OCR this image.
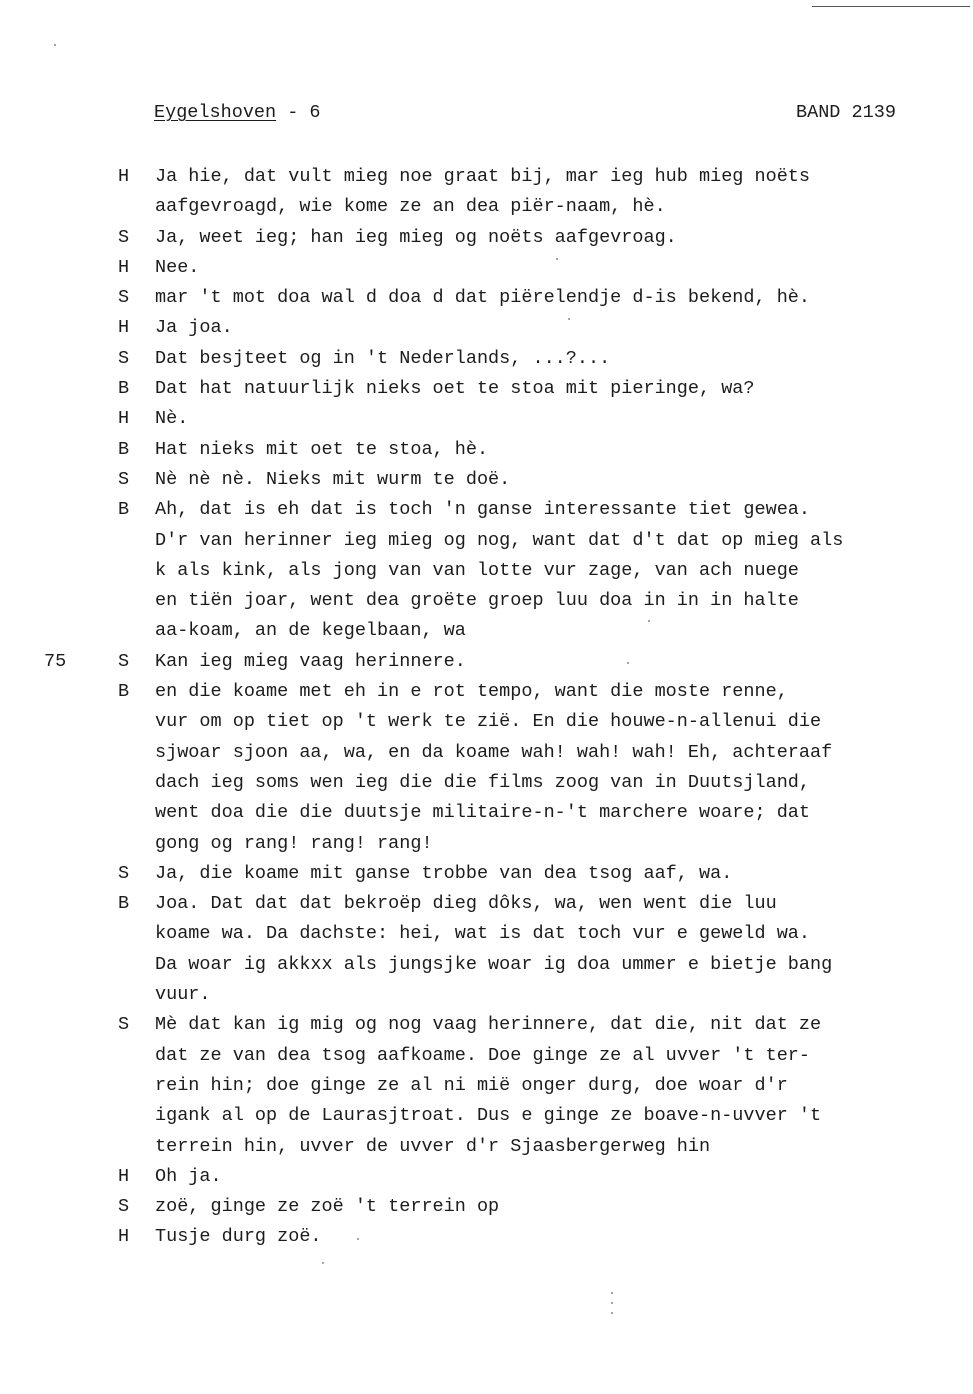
Eygelshoven - 6	BAND 2139
H	Ja hie, dat vult mieg noe graat bij, mar ieg hub mieg noëts
aafgevroagd, wie kome ze an dea piër-naam, hè.
S	Ja, weet ieg; han ieg mieg og noëts aafgevroag.
H	Nee.
S	mar 't mot doa wal d doa d dat piërelendje d-is bekend, hè.
H	Ja joa.
S	Dat besjteet og in 't Nederlands, ...?...
B	Dat hat natuurlijk nieks oet te stoa mit pieringe, wa?
H	Nè.
B	Hat nieks mit oet te stoa, hè.
S	Nè nè nè. Nieks mit wurm te doë.
B	Ah, dat is eh dat is toch 'n ganse interessante tiet gewea.
D'r van herinner ieg mieg og nog, want dat d't dat op mieg als
k als kink, als jong van van lotte vur zage, van ach nuege
en tiën joar, went dea groëte groep luu doa in in in halte
aa-koam, an de kegelbaan, wa
75	S	Kan ieg mieg vaag herinnere.
B	en die koame met eh in e rot tempo, want die moste renne,
vur om op tiet op 't werk te zië. En die houwe-n-allenui die
sjwoar sjoon aa, wa, en da koame wah! wah! wah! Eh, achteraaf
dach ieg soms wen ieg die die films zoog van in Duutsjland,
went doa die die duutsje militaire-n-'t marchere woare; dat
gong og rang! rang! rang!
S	Ja, die koame mit ganse trobbe van dea tsog aaf, wa.
B	Joa. Dat dat dat bekroëp dieg dôks, wa, wen went die luu
koame wa. Da dachste: hei, wat is dat toch vur e geweld wa.
Da woar ig akkxx als jungsjke woar ig doa ummer e bietje bang
vuur.
S	Mè dat kan ig mig og nog vaag herinnere, dat die, nit dat ze
dat ze van dea tsog aafkoame. Doe ginge ze al uvver 't ter-
rein hin; doe ginge ze al ni mië onger durg, doe woar d'r
igank al op de Laurasjtroat. Dus e ginge ze boave-n-uvver 't
terrein hin, uvver de uvver d'r Sjaasbergerweg hin
H	Oh ja.
S	zoë, ginge ze zoë 't terrein op
H	Tusje durg zoë.
